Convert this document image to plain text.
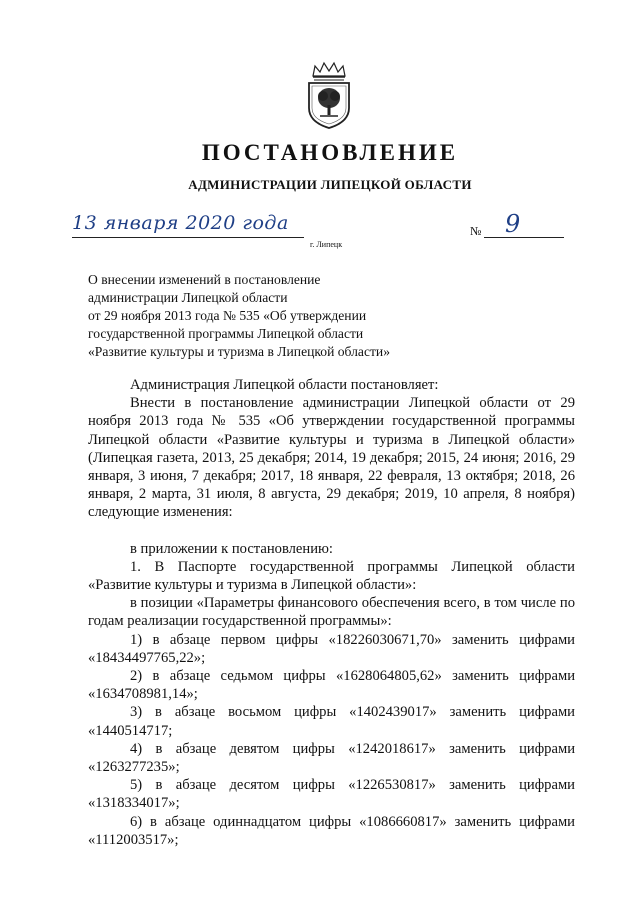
ПОСТАНОВЛЕНИЕ
АДМИНИСТРАЦИИ ЛИПЕЦКОЙ ОБЛАСТИ
13 января 2020 года
г. Липецк
№ 9
О внесении изменений в постановление
администрации Липецкой области
от 29 ноября 2013 года № 535 «Об утверждении
государственной программы Липецкой области
«Развитие культуры и туризма в Липецкой области»

Администрация Липецкой области постановляет:

Внести в постановление администрации Липецкой области от 29 ноября 2013 года № 535 «Об утверждении государственной программы Липецкой области «Развитие культуры и туризма в Липецкой области» (Липецкая газета, 2013, 25 декабря; 2014, 19 декабря; 2015, 24 июня; 2016, 29 января, 3 июня, 7 декабря; 2017, 18 января, 22 февраля, 13 октября; 2018, 26 января, 2 марта, 31 июля, 8 августа, 29 декабря; 2019, 10 апреля, 8 ноября) следующие изменения:

в приложении к постановлению:

1. В Паспорте государственной программы Липецкой области «Развитие культуры и туризма в Липецкой области»:

в позиции «Параметры финансового обеспечения всего, в том числе по годам реализации государственной программы»:

1) в абзаце первом цифры «18226030671,70» заменить цифрами «18434497765,22»;

2) в абзаце седьмом цифры «1628064805,62» заменить цифрами «1634708981,14»;

3) в абзаце восьмом цифры «1402439017» заменить цифрами «1440514717;

4) в абзаце девятом цифры «1242018617» заменить цифрами «1263277235»;

5) в абзаце десятом цифры «1226530817» заменить цифрами «1318334017»;

6) в абзаце одиннадцатом цифры «1086660817» заменить цифрами «1112003517»;
